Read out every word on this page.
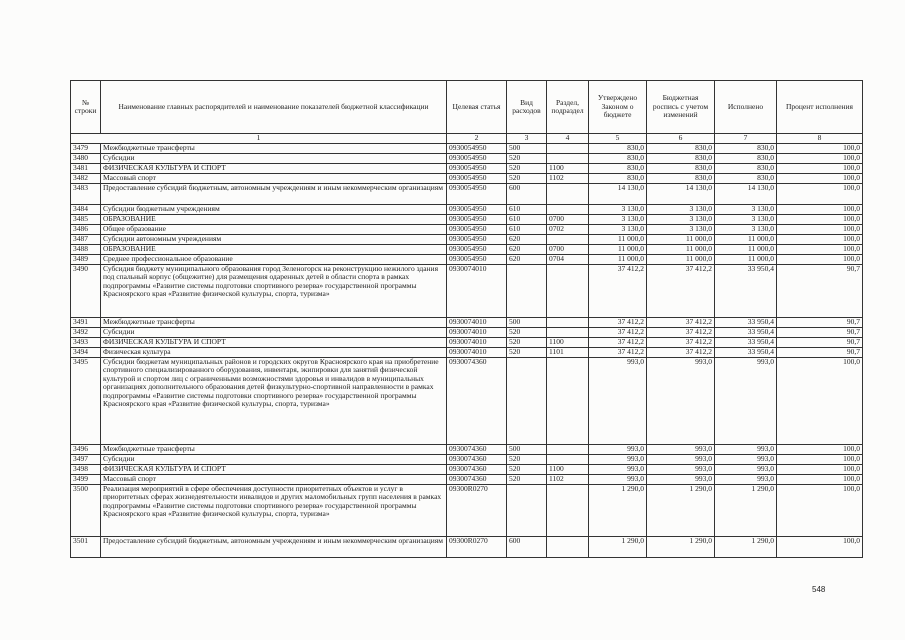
№ строки	Наименование главных распорядителей и наименование показателей бюджетной классификации	Целевая статья	Вид расходов	Раздел, подраздел	Утверждено Законом о бюджете	Бюджетная роспись с учетом изменений	Исполнено	Процент исполнения
1		2	3	4	5	6	7	8
3479	Межбюджетные трансферты	0930054950	500		830,0	830,0	830,0	100,0
3480	Субсидии	0930054950	520		830,0	830,0	830,0	100,0
3481	ФИЗИЧЕСКАЯ КУЛЬТУРА И СПОРТ	0930054950	520	1100	830,0	830,0	830,0	100,0
3482	Массовый спорт	0930054950	520	1102	830,0	830,0	830,0	100,0
3483	Предоставление субсидий бюджетным, автономным учреждениям и иным некоммерческим организациям	0930054950	600		14 130,0	14 130,0	14 130,0	100,0
3484	Субсидии бюджетным учреждениям	0930054950	610		3 130,0	3 130,0	3 130,0	100,0
3485	ОБРАЗОВАНИЕ	0930054950	610	0700	3 130,0	3 130,0	3 130,0	100,0
3486	Общее образование	0930054950	610	0702	3 130,0	3 130,0	3 130,0	100,0
3487	Субсидии автономным учреждениям	0930054950	620		11 000,0	11 000,0	11 000,0	100,0
3488	ОБРАЗОВАНИЕ	0930054950	620	0700	11 000,0	11 000,0	11 000,0	100,0
3489	Среднее профессиональное образование	0930054950	620	0704	11 000,0	11 000,0	11 000,0	100,0
3490	Субсидия бюджету муниципального образования город Зеленогорск на реконструкцию нежилого здания под спальный корпус (общежитие) для размещения одаренных детей в области спорта в рамках подпрограммы «Развитие системы подготовки спортивного резерва» государственной программы Красноярского края «Развитие физической культуры, спорта, туризма»	0930074010			37 412,2	37 412,2	33 950,4	90,7
3491	Межбюджетные трансферты	0930074010	500		37 412,2	37 412,2	33 950,4	90,7
3492	Субсидии	0930074010	520		37 412,2	37 412,2	33 950,4	90,7
3493	ФИЗИЧЕСКАЯ КУЛЬТУРА И СПОРТ	0930074010	520	1100	37 412,2	37 412,2	33 950,4	90,7
3494	Физическая культура	0930074010	520	1101	37 412,2	37 412,2	33 950,4	90,7
3495	Субсидии бюджетам муниципальных районов и городских округов Красноярского края на приобретение спортивного специализированного оборудования, инвентаря, экипировки для занятий физической культурой и спортом лиц с ограниченными возможностями здоровья и инвалидов в муниципальных организациях дополнительного образования детей физкультурно-спортивной направленности в рамках подпрограммы «Развитие системы подготовки спортивного резерва» государственной программы Красноярского края «Развитие физической культуры, спорта, туризма»	0930074360			993,0	993,0	993,0	100,0
3496	Межбюджетные трансферты	0930074360	500		993,0	993,0	993,0	100,0
3497	Субсидии	0930074360	520		993,0	993,0	993,0	100,0
3498	ФИЗИЧЕСКАЯ КУЛЬТУРА И СПОРТ	0930074360	520	1100	993,0	993,0	993,0	100,0
3499	Массовый спорт	0930074360	520	1102	993,0	993,0	993,0	100,0
3500	Реализация мероприятий в сфере обеспечения доступности приоритетных объектов и услуг в приоритетных сферах жизнедеятельности инвалидов и других маломобильных групп населения в рамках подпрограммы «Развитие системы подготовки спортивного резерва» государственной программы Красноярского края «Развитие физической культуры, спорта, туризма»	09300R0270			1 290,0	1 290,0	1 290,0	100,0
3501	Предоставление субсидий бюджетным, автономным учреждениям и иным некоммерческим организациям	09300R0270	600		1 290,0	1 290,0	1 290,0	100,0
548
